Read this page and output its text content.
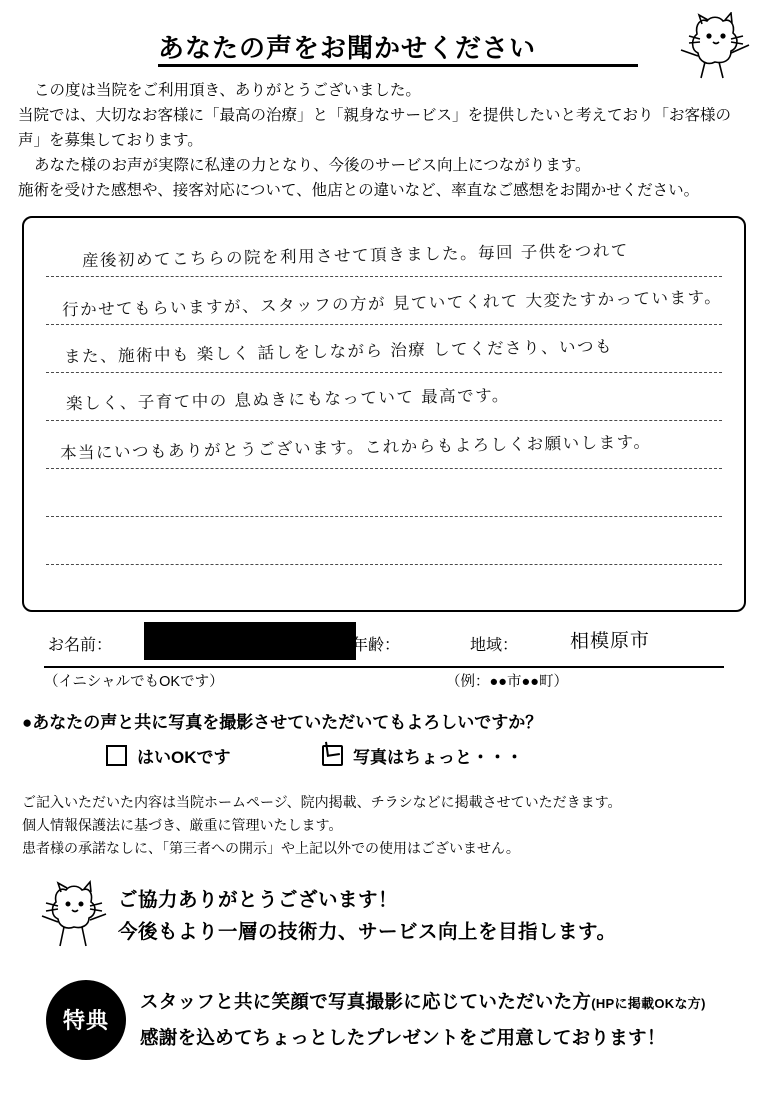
あなたの声をお聞かせください

この度は当院をご利用頂き、ありがとうございました。

当院では、大切なお客様に「最高の治療」と「親身なサービス」を提供したいと考えており「お客様の声」を募集しております。

あなた様のお声が実際に私達の力となり、今後のサービス向上につながります。

施術を受けた感想や、接客対応について、他店との違いなど、率直なご感想をお聞かせください。

産後初めてこちらの院を利用させて頂きました。毎回 子供をつれて
行かせてもらいますが、スタッフの方が 見ていてくれて 大変たすかっています。
また、施術中も 楽しく 話しをしながら 治療 してくださり、いつも
楽しく、子育て中の 息ぬきにもなっていて 最高です。
本当にいつもありがとうございます。これからもよろしくお願いします。
お名前：	年齢：	地域：	相模原市
（イニシャルでもOKです）	（例：●●市●●町）
●あなたの声と共に写真を撮影させていただいてもよろしいですか？
はいOKです	写真はちょっと・・・

ご記入いただいた内容は当院ホームページ、院内掲載、チラシなどに掲載させていただきます。

個人情報保護法に基づき、厳重に管理いたします。

患者様の承諾なしに、「第三者への開示」や上記以外での使用はございません。

ご協力ありがとうございます！
今後もより一層の技術力、サービス向上を目指します。
特典
スタッフと共に笑顔で写真撮影に応じていただいた方(HPに掲載OKな方)
感謝を込めてちょっとしたプレゼントをご用意しております！
